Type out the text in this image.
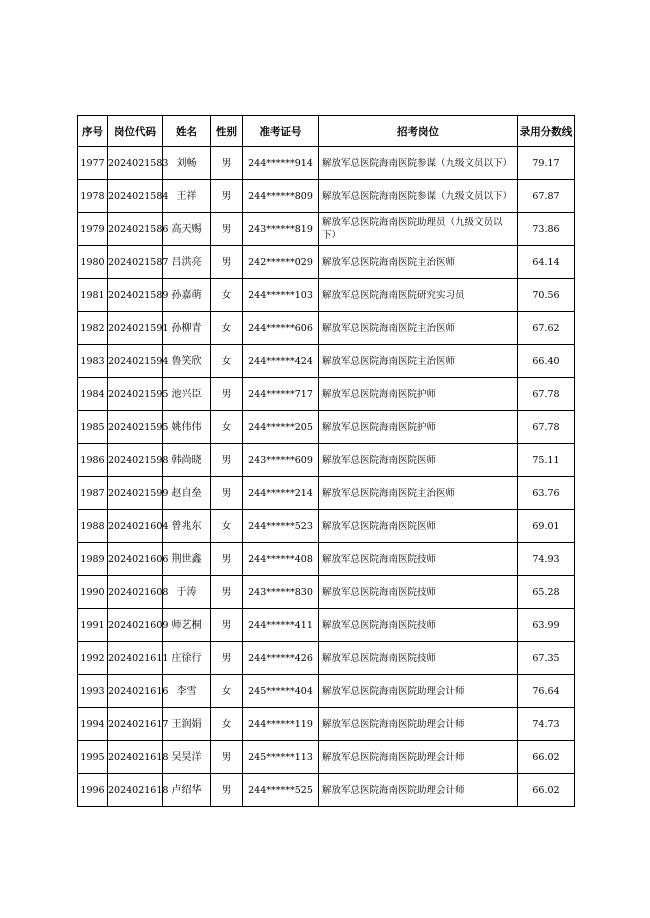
序号	岗位代码	姓名	性别	准考证号	招考岗位	录用分数线
1977	2024021583	刘畅	男	244******914	解放军总医院海南医院参谋（九级文员以下）	79.17
1978	2024021584	王祥	男	244******809	解放军总医院海南医院参谋（九级文员以下）	67.87
1979	2024021586	高天赐	男	243******819	解放军总医院海南医院助理员（九级文员以下）	73.86
1980	2024021587	吕洪亮	男	242******029	解放军总医院海南医院主治医师	64.14
1981	2024021589	孙嘉萌	女	244******103	解放军总医院海南医院研究实习员	70.56
1982	2024021591	孙柳青	女	244******606	解放军总医院海南医院主治医师	67.62
1983	2024021594	鲁笑欣	女	244******424	解放军总医院海南医院主治医师	66.40
1984	2024021595	池兴臣	男	244******717	解放军总医院海南医院护师	67.78
1985	2024021595	姚伟伟	女	244******205	解放军总医院海南医院护师	67.78
1986	2024021598	韩尚晓	男	243******609	解放军总医院海南医院医师	75.11
1987	2024021599	赵自垒	男	244******214	解放军总医院海南医院主治医师	63.76
1988	2024021604	曾兆东	女	244******523	解放军总医院海南医院医师	69.01
1989	2024021606	荆世鑫	男	244******408	解放军总医院海南医院技师	74.93
1990	2024021608	于涛	男	243******830	解放军总医院海南医院技师	65.28
1991	2024021609	师艺桐	男	244******411	解放军总医院海南医院技师	63.99
1992	2024021611	庄徐行	男	244******426	解放军总医院海南医院技师	67.35
1993	2024021616	李雪	女	245******404	解放军总医院海南医院助理会计师	76.64
1994	2024021617	王润娟	女	244******119	解放军总医院海南医院助理会计师	74.73
1995	2024021618	吴昊洋	男	245******113	解放军总医院海南医院助理会计师	66.02
1996	2024021618	卢绍华	男	244******525	解放军总医院海南医院助理会计师	66.02
